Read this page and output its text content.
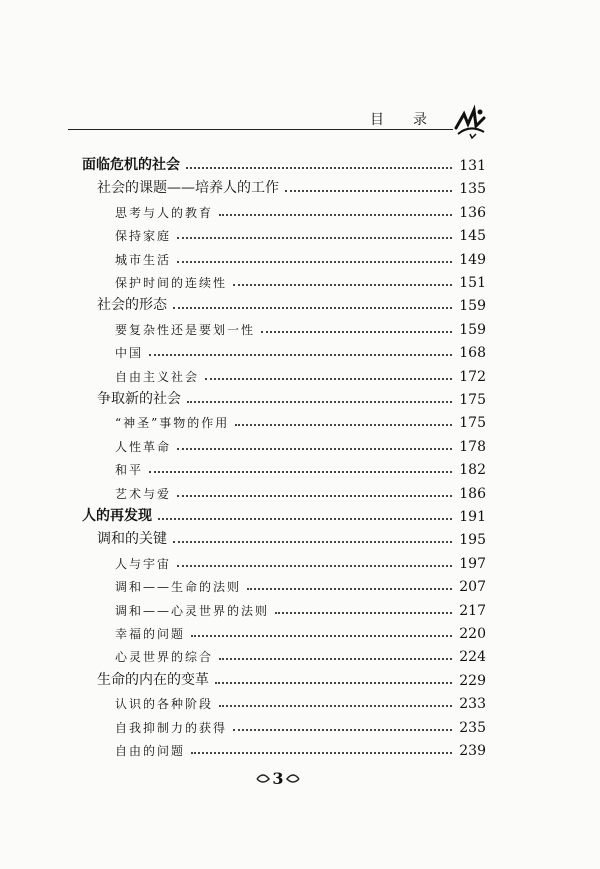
目 录
面临危机的社会	131
社会的课题——培养人的工作	135
思考与人的教育	136
保持家庭	145
城市生活	149
保护时间的连续性	151
社会的形态	159
要复杂性还是要划一性	159
中国	168
自由主义社会	172
争取新的社会	175
“神圣”事物的作用	175
人性革命	178
和平	182
艺术与爱	186
人的再发现	191
调和的关键	195
人与宇宙	197
调和——生命的法则	207
调和——心灵世界的法则	217
幸福的问题	220
心灵世界的综合	224
生命的内在的变革	229
认识的各种阶段	233
自我抑制力的获得	235
自由的问题	239
3
